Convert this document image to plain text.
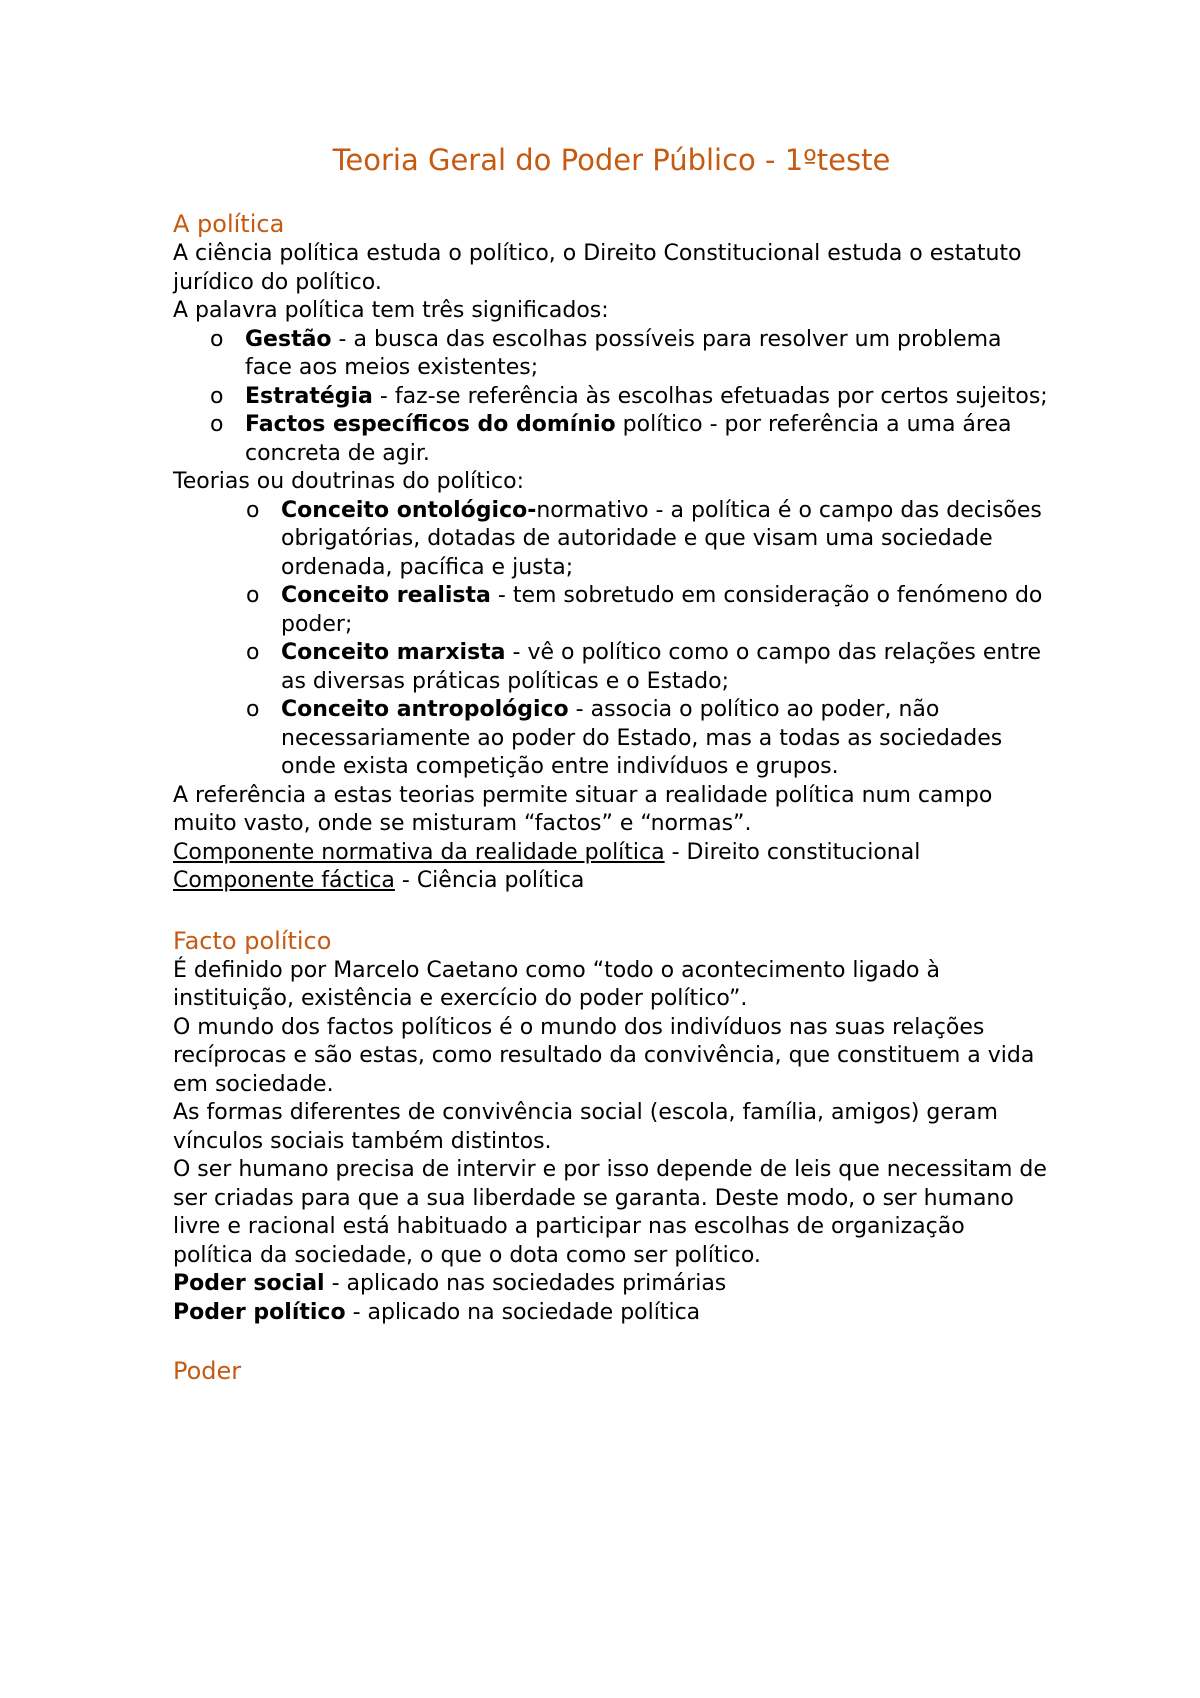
Teoria Geral do Poder Público - 1ºteste
A política

A ciência política estuda o político, o Direito Constitucional estuda o estatuto jurídico do político.

A palavra política tem três significados:

o Gestão - a busca das escolhas possíveis para resolver um problema face aos meios existentes;

o Estratégia - faz-se referência às escolhas efetuadas por certos sujeitos;

o Factos específicos do domínio político - por referência a uma área concreta de agir.

Teorias ou doutrinas do político:

o Conceito ontológico-normativo - a política é o campo das decisões obrigatórias, dotadas de autoridade e que visam uma sociedade ordenada, pacífica e justa;

o Conceito realista - tem sobretudo em consideração o fenómeno do poder;

o Conceito marxista - vê o político como o campo das relações entre as diversas práticas políticas e o Estado;

o Conceito antropológico - associa o político ao poder, não necessariamente ao poder do Estado, mas a todas as sociedades onde exista competição entre indivíduos e grupos.

A referência a estas teorias permite situar a realidade política num campo muito vasto, onde se misturam “factos” e “normas”.

Componente normativa da realidade política - Direito constitucional

Componente fáctica - Ciência política

Facto político

É definido por Marcelo Caetano como “todo o acontecimento ligado à instituição, existência e exercício do poder político”.

O mundo dos factos políticos é o mundo dos indivíduos nas suas relações recíprocas e são estas, como resultado da convivência, que constituem a vida em sociedade.

As formas diferentes de convivência social (escola, família, amigos) geram vínculos sociais também distintos.

O ser humano precisa de intervir e por isso depende de leis que necessitam de ser criadas para que a sua liberdade se garanta. Deste modo, o ser humano livre e racional está habituado a participar nas escolhas de organização política da sociedade, o que o dota como ser político.

Poder social - aplicado nas sociedades primárias

Poder político - aplicado na sociedade política

Poder
